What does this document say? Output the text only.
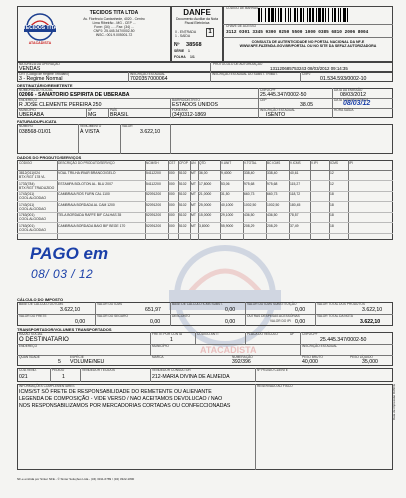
TECIDOS TITA
ATACADISTA
TECIDOS TITA LTDA
Av. Florêncio Cantanhede, 4020 - Centro
Lima Ribeirão - MG - CEP ...
Fone: (34) ... - Fax: (34) ...
CNPJ: 25.445.347/0002-50
INSC.: 001.9.005001-72
DANFE
Documento Auxiliar da Nota Fiscal Eletrônica
0 - ENTRADA
1 - SAÍDA
1
Nº 38568
SÉRIE 1
FOLHA 1/1
CÓDIGO DE BARRAS
CHAVE DE ACESSO
3112 0301 3345 9300 0250 5500 1000 0385 6810 2006 8004
CONSULTA DE AUTENTICIDADE NO PORTAL NACIONAL DA NF-E WWW.NFE.FAZENDA.GOV.BR/PORTAL OU NO SITE DA SEFAZ AUTORIZADORA
NATUREZA DA OPERAÇÃO
VENDAS
PROTOCOLO DE AUTORIZAÇÃO
131120685753243 08/03/2012 09:14:35
CRT (Código de Regime Tributário)
3 - Regime Normal
INSCRIÇÃO ESTADUAL
7020357000064
INSCRIÇÃO ESTADUAL DO SUBST. TRIBUT.	CNPJ
01.534.593/0002-10
DESTINATÁRIO/REMETENTE
NOME/RAZÃO SOCIAL
02066 - SANATORIO ESPIRITA DE UBERABA
CNPJ/CPF
25.445.347/0002-50
DATA DA EMISSÃO
08/03/2012
ENDEREÇO
R JOSE CLEMENTE PEREIRA 250
BAIRRO/DISTRITO
ESTADOS UNIDOS
CEP
38.05
DATA SAÍDA/ENTRADA
08/03/12
MUNICÍPIO
UBERABA
UF
MG
PAÍS
BRASIL
FONE/FAX
(34)0312-1869
INSCRIÇÃO ESTADUAL
ISENTO
HORA SAÍDA
FATURA/DUPLICATA
NÚMERO	VENCIMENTO	VALOR
038568-01/01	À VISTA	3.622,10
DADOS DO PRODUTO/SERVIÇOS
CÓDIGO	DESCRIÇÃO DO PRODUTO/SERVIÇO	NCM/SH	CST	CFOP UN	QTD	V.UNIT	V.TOTAL	BC ICMS	V.ICMS	V.IPI	ICMS	IPI
3812(011)024	VOAL TRILHA IRIAR BRANCO/GELO	54112200 000 5102 MT 36,00	9,4000	338,40	338,40	40,61	12
BTX RGT 178 VL
1733(784)	ESTAMPA BOLOTON AL. BLU 2007	54112200 000 5102 MT 17,8000	53,06	975,68	975,68	115,27	12
BTX RGT TRADUZIDO
1743(011)	CAMBRAIA ROS FURN CAL 1100	52091200 000 5102 MT 21,0000	31,50	660,73	660,73	118,72	18
COOL ALGODAO
1743(011)	CAMBRAIA BORDADA AL CAM 1200	52091200 000 5102 MT 25,0000	40,1000	1002,50	1002,50	180,45	18
COOL ALGODAO
1763(001)	TELA BORDADA RAFFE BIF CALHAS 35	52091200 000 5102 MT 15,0000	29,1000	436,50	436,50	78,57	18
COOL ALGODAO
1763(001)	CAMBRAIA BORDADA BAIO BIF BEGE 170	52091200 000 5102 MT 3,8000	55,9000	208,29	208,29	37,49	18
COOL ALGODAO
ATACADISTA
PAGO em
08/ 03 / 12
CÁLCULO DO IMPOSTO
BASE DE CÁLCULO DO ICMS
3.622,10
VALOR DO ICMS
651,97
BASE DE CÁLCULO ICMS SUBST.
0,00
VALOR DO ICMS SUBSTITUIÇÃO
0,00
VALOR TOTAL DOS PRODUTOS
3.622,10
VALOR DO FRETE
0,00
VALOR DO SEGURO
0,00
DESCONTO
0,00
OUTRAS DESPESAS ACESSÓRIAS
0,00
VALOR TOTAL DA NOTA
3.622,10
VALOR DO IPI
TRANSPORTADOR/VOLUMES TRANSPORTADOS
RAZÃO SOCIAL
O DESTINATARIO
FRETE POR CONTA
1
CÓDIGO ANTT	PLACA DO VEÍCULO	UF CNPJ/CPF
25.445.347/0002-50
ENDEREÇO	MUNICÍPIO	INSCRIÇÃO ESTADUAL
QUANTIDADE
5
ESPÉCIE
VOLUME/NEU
MARCA	NUMERAÇÃO
392/396
PESO BRUTO
40,000
PESO LÍQUIDO
35,000
COD.VEND.
021
PEDIDO
1
VENDEDOR TECIDOS	VENDEDOR CONSULTOR
212-MARIA DIVINA DE ALMEIDA
Nº PEDIDO CLIENTE
INFORMAÇÕES COMPLEMENTARES
ICMS/ST SÓ FRETE DE RESPONSABILIDADE DO REMETENTE OU ALIENANTE
LEGENDA DE COMPOSIÇÃO - VIDE VERSO / NAO ACEITAMOS DEVOLUCAO / NAO
NOS RESPONSABILIZAMOS POR MERCADORIAS CORTADAS OU CONFECCIONADAS
RESERVADO AO FISCO
NF-e emitida por Sinter NFE - © Sinter Soluções Ltda - (34) 3311-6789 / (34) 3322-1800
Data de impressão DANFE
